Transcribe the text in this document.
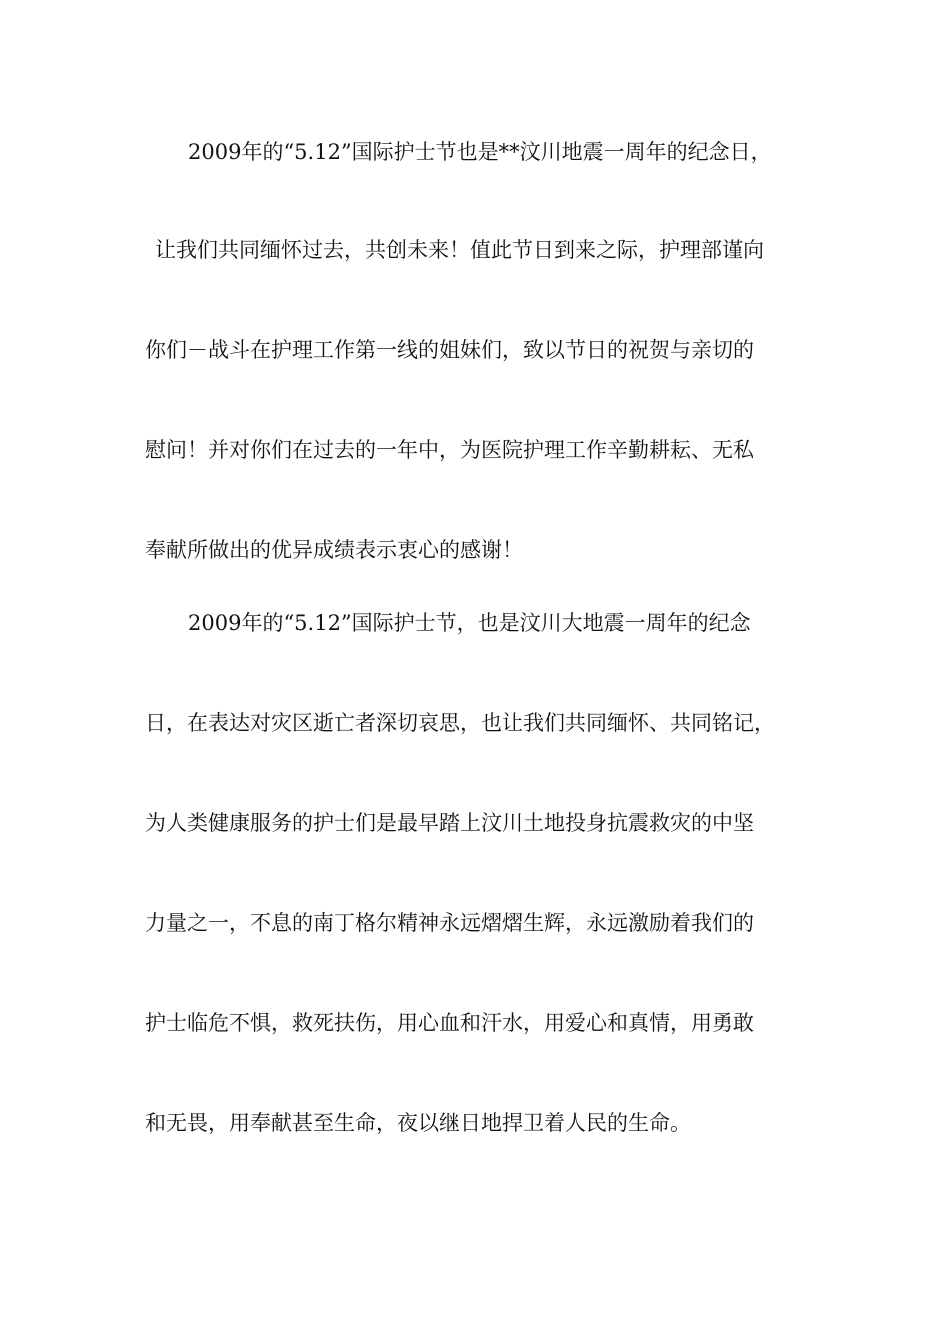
2009年的“5.12”国际护士节也是**汶川地震一周年的纪念日，
让我们共同缅怀过去，共创未来！值此节日到来之际，护理部谨向
你们－战斗在护理工作第一线的姐妹们，致以节日的祝贺与亲切的
慰问！并对你们在过去的一年中，为医院护理工作辛勤耕耘、无私
奉献所做出的优异成绩表示衷心的感谢！
2009年的“5.12”国际护士节，也是汶川大地震一周年的纪念
日，在表达对灾区逝亡者深切哀思，也让我们共同缅怀、共同铭记，
为人类健康服务的护士们是最早踏上汶川土地投身抗震救灾的中坚
力量之一，不息的南丁格尔精神永远熠熠生辉，永远激励着我们的
护士临危不惧，救死扶伤，用心血和汗水，用爱心和真情，用勇敢
和无畏，用奉献甚至生命，夜以继日地捍卫着人民的生命。
